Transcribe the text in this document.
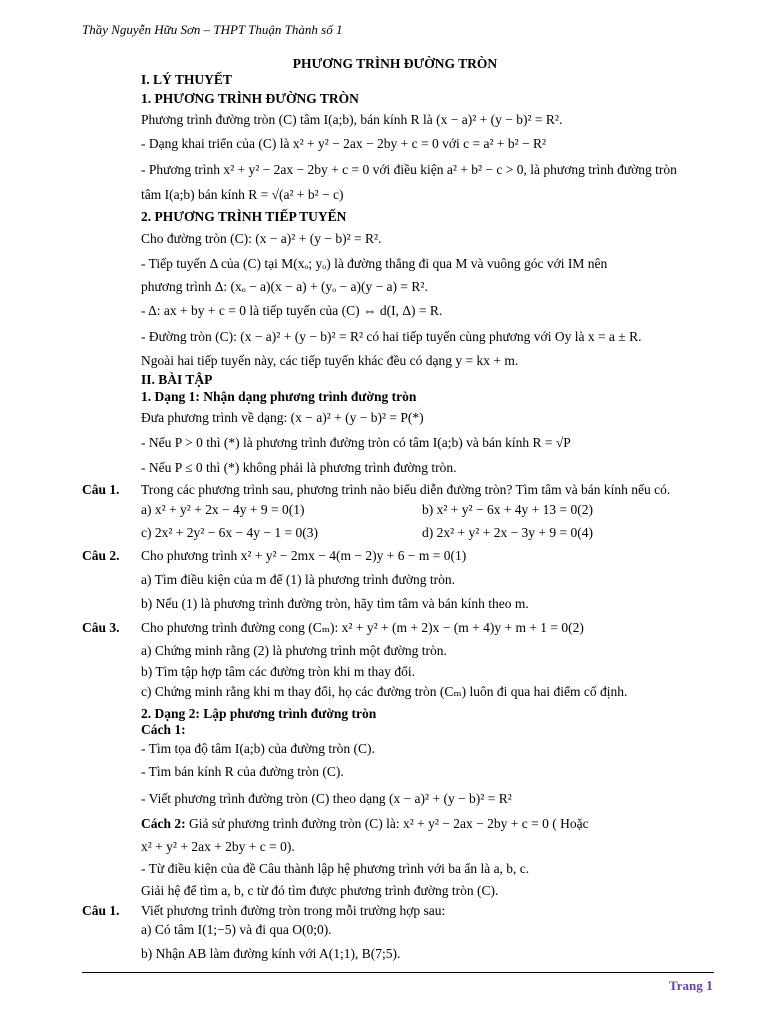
Thầy Nguyễn Hữu Sơn – THPT Thuận Thành số 1
PHƯƠNG TRÌNH ĐƯỜNG TRÒN
I. LÝ THUYẾT
1. PHƯƠNG TRÌNH ĐƯỜNG TRÒN
Phương trình đường tròn (C) tâm I(a;b), bán kính R là (x − a)² + (y − b)² = R².
- Dạng khai triển của (C) là x² + y² − 2ax − 2by + c = 0 với c = a² + b² − R²
- Phương trình x² + y² − 2ax − 2by + c = 0 với điều kiện a² + b² − c > 0, là phương trình đường tròn
tâm I(a;b) bán kính R = √(a² + b² − c)
2. PHƯƠNG TRÌNH TIẾP TUYẾN
Cho đường tròn (C): (x − a)² + (y − b)² = R².
- Tiếp tuyến Δ của (C) tại M(xₒ; yₒ) là đường thẳng đi qua M và vuông góc với IM nên
phương trình Δ: (xₒ − a)(x − a) + (yₒ − a)(y − a) = R².
- Δ: ax + by + c = 0 là tiếp tuyến của (C) ⇔ d(I, Δ) = R.
- Đường tròn (C): (x − a)² + (y − b)² = R² có hai tiếp tuyến cùng phương với Oy là x = a ± R.
Ngoài hai tiếp tuyến này, các tiếp tuyến khác đều có dạng y = kx + m.
II. BÀI TẬP
1. Dạng 1: Nhận dạng phương trình đường tròn
Đưa phương trình về dạng: (x − a)² + (y − b)² = P(*)
- Nếu P > 0 thì (*) là phương trình đường tròn có tâm I(a;b) và bán kính R = √P
- Nếu P ≤ 0 thì (*) không phải là phương trình đường tròn.
Câu 1. Trong các phương trình sau, phương trình nào biểu diễn đường tròn? Tìm tâm và bán kính nếu có.
a) x² + y² + 2x − 4y + 9 = 0(1)	b) x² + y² − 6x + 4y + 13 = 0(2)
c) 2x² + 2y² − 6x − 4y − 1 = 0(3)	d) 2x² + y² + 2x − 3y + 9 = 0(4)
Câu 2. Cho phương trình x² + y² − 2mx − 4(m − 2)y + 6 − m = 0(1)
a) Tìm điều kiện của m để (1) là phương trình đường tròn.
b) Nếu (1) là phương trình đường tròn, hãy tìm tâm và bán kính theo m.
Câu 3. Cho phương trình đường cong (Cₘ): x² + y² + (m + 2)x − (m + 4)y + m + 1 = 0(2)
a) Chứng minh rằng (2) là phương trình một đường tròn.
b) Tìm tập hợp tâm các đường tròn khi m thay đổi.
c) Chứng minh rằng khi m thay đổi, họ các đường tròn (Cₘ) luôn đi qua hai điểm cố định.
2. Dạng 2: Lập phương trình đường tròn
Cách 1:
- Tìm tọa độ tâm I(a;b) của đường tròn (C).
- Tìm bán kính R của đường tròn (C).
- Viết phương trình đường tròn (C) theo dạng (x − a)² + (y − b)² = R²
Cách 2: Giả sử phương trình đường tròn (C) là: x² + y² − 2ax − 2by + c = 0 ( Hoặc
x² + y² + 2ax + 2by + c = 0).
- Từ điều kiện của đề Câu thành lập hệ phương trình với ba ẩn là a, b, c.
Giải hệ để tìm a, b, c từ đó tìm được phương trình đường tròn (C).
Câu 1. Viết phương trình đường tròn trong mỗi trường hợp sau:
a) Có tâm I(1;−5) và đi qua O(0;0).
b) Nhận AB làm đường kính với A(1;1), B(7;5).
Trang 1
